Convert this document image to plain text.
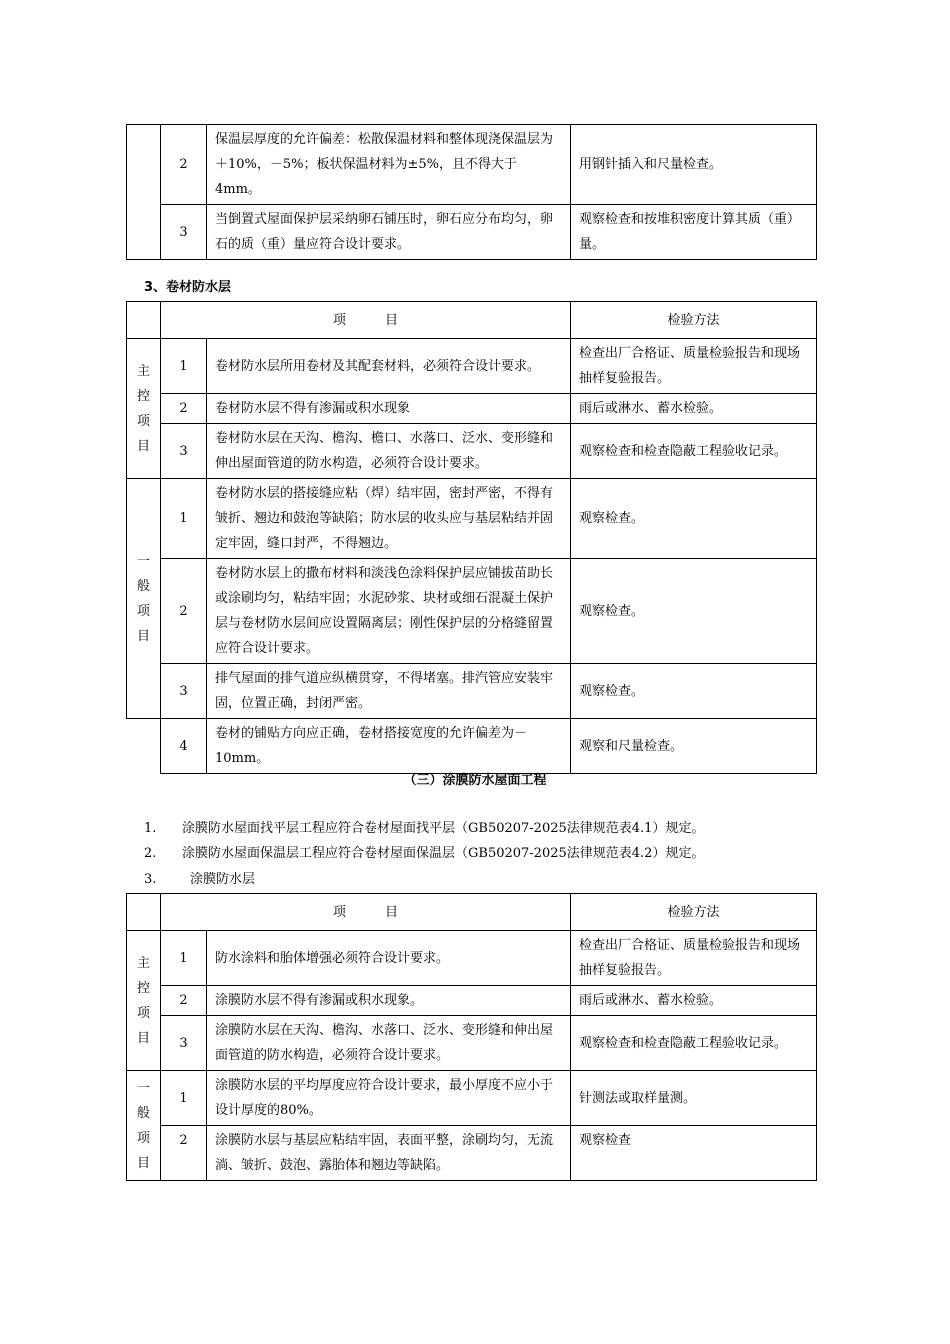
	2	保温层厚度的允许偏差：松散保温材料和整体现浇保温层为＋10%，－5%；板状保温材料为±5%，且不得大于4mm。	用钢针插入和尺量检查。
	3	当倒置式屋面保护层采纳卵石铺压时，卵石应分布均匀，卵石的质（重）量应符合设计要求。	观察检查和按堆积密度计算其质（重）量。
3、卷材防水层
	项　　　目		检验方法

主
控
项
目	1	卷材防水层所用卷材及其配套材料，必须符合设计要求。	检查出厂合格证、质量检验报告和现场抽样复验报告。
	2	卷材防水层不得有渗漏或积水现象	雨后或淋水、蓄水检验。
	3	卷材防水层在天沟、檐沟、檐口、水落口、泛水、变形缝和伸出屋面管道的防水构造，必须符合设计要求。	观察检查和检查隐蔽工程验收记录。

一
般
项
目	1	卷材防水层的搭接缝应粘（焊）结牢固，密封严密，不得有皱折、翘边和鼓泡等缺陷；防水层的收头应与基层粘结并固定牢固，缝口封严，不得翘边。	观察检查。
	2	卷材防水层上的撒布材料和淡浅色涂料保护层应铺拔苗助长或涂刷均匀，粘结牢固；水泥砂浆、块材或细石混凝土保护层与卷材防水层间应设置隔离层；刚性保护层的分格缝留置应符合设计要求。	观察检查。
	3	排气屋面的排气道应纵横贯穿，不得堵塞。排汽管应安装牢固，位置正确，封闭严密。	观察检查。
	4	卷材的铺贴方向应正确，卷材搭接宽度的允许偏差为－10mm。	观察和尺量检查。
（三）涂膜防水屋面工程
1. 涂膜防水屋面找平层工程应符合卷材屋面找平层（GB50207-2025法律规范表4.1）规定。
2. 涂膜防水屋面保温层工程应符合卷材屋面保温层（GB50207-2025法律规范表4.2）规定。
3.	涂膜防水层
	项　　　目		检验方法

主
控
项
目	1	防水涂料和胎体增强必须符合设计要求。	检查出厂合格证、质量检验报告和现场抽样复验报告。
	2	涂膜防水层不得有渗漏或积水现象。	雨后或淋水、蓄水检验。
	3	涂膜防水层在天沟、檐沟、水落口、泛水、变形缝和伸出屋面管道的防水构造，必须符合设计要求。	观察检查和检查隐蔽工程验收记录。

一
般
项
目	1	涂膜防水层的平均厚度应符合设计要求，最小厚度不应小于设计厚度的80%。	针测法或取样量测。
	2	涂膜防水层与基层应粘结牢固，表面平整，涂刷均匀，无流淌、皱折、鼓泡、露胎体和翘边等缺陷。	观察检查
